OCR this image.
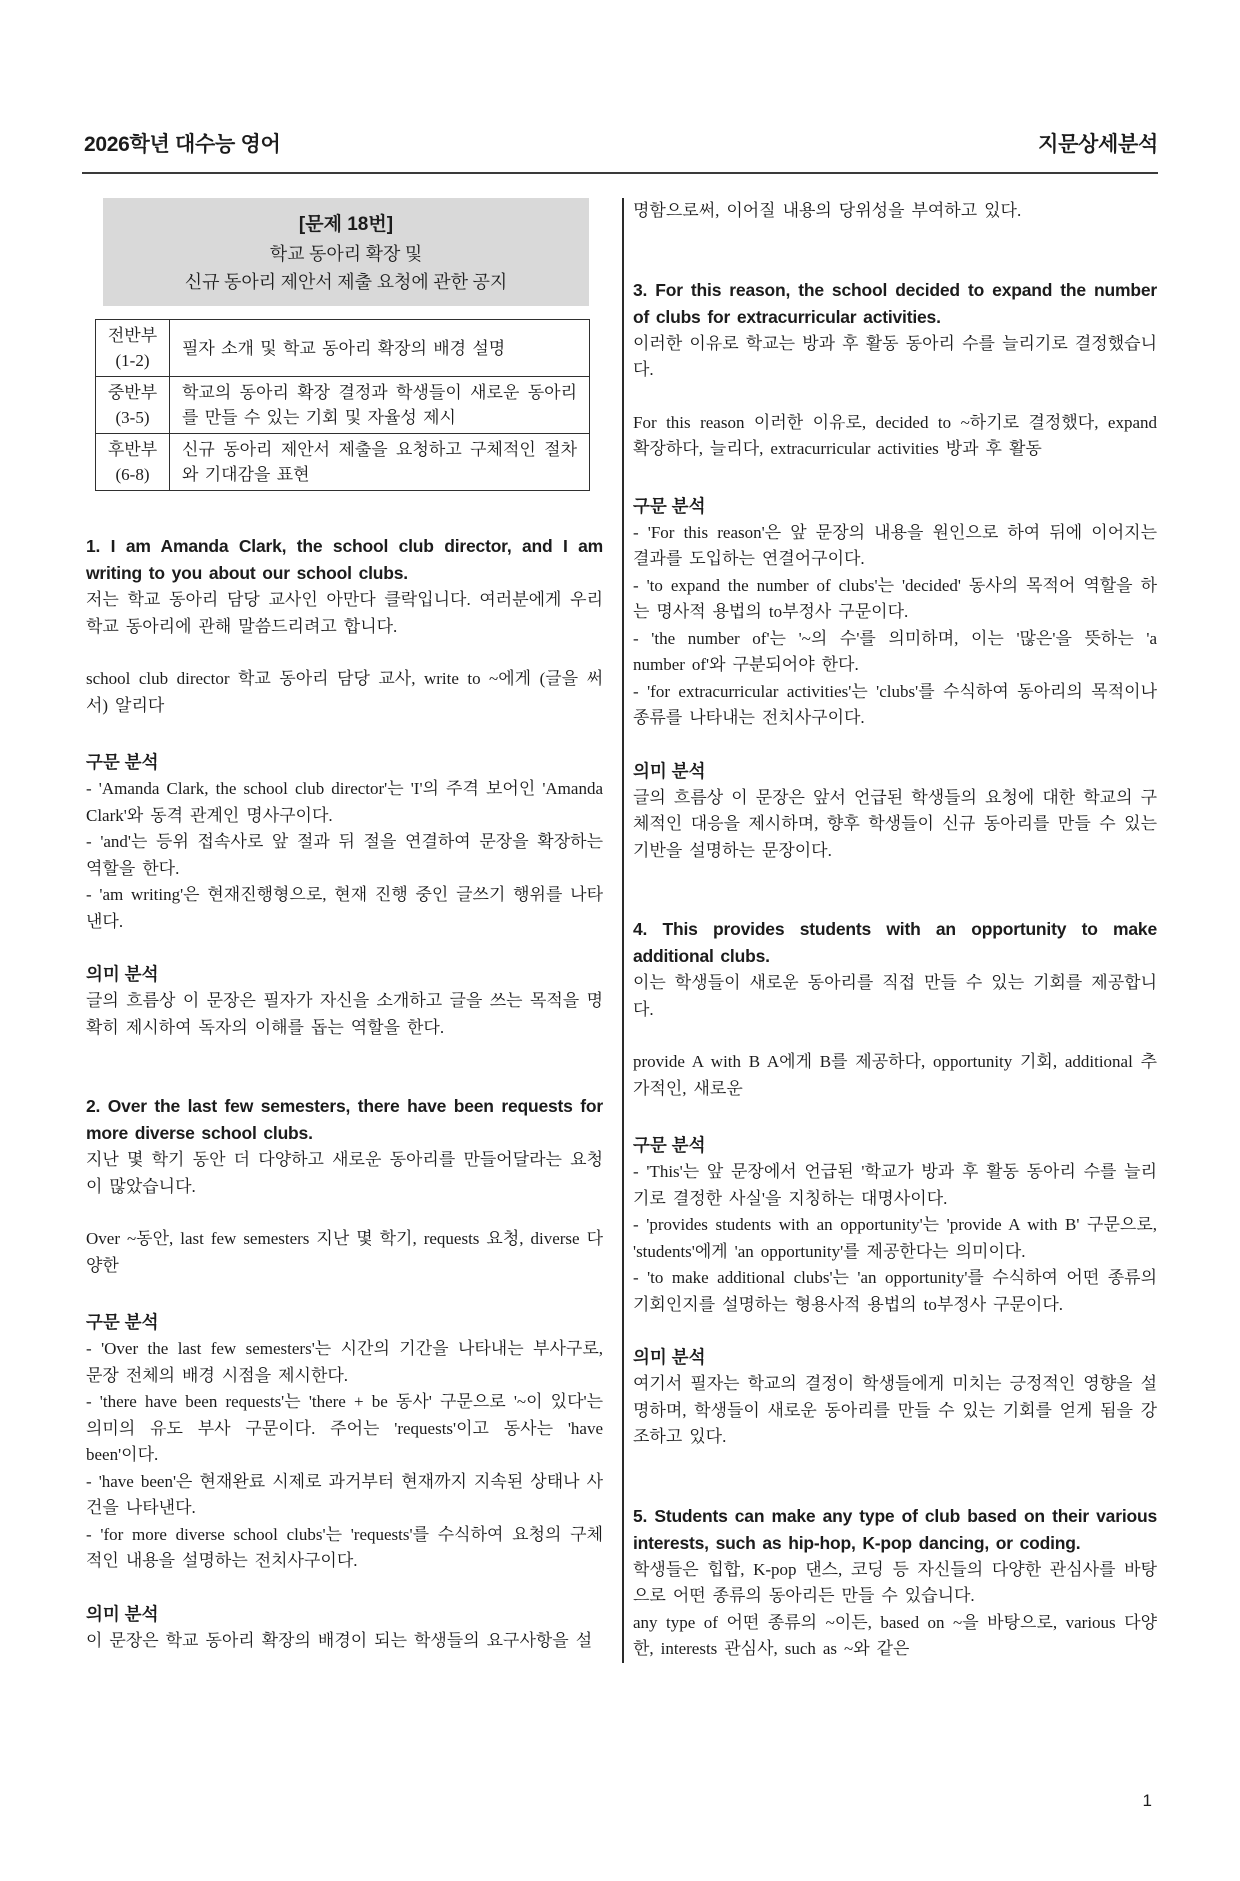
2026학년 대수능 영어	지문상세분석
[문제 18번]
학교 동아리 확장 및
신규 동아리 제안서 제출 요청에 관한 공지
전반부
(1-2)	필자 소개 및 학교 동아리 확장의 배경 설명

중반부
(3-5)	학교의 동아리 확장 결정과 학생들이 새로운 동아리를 만들 수 있는 기회 및 자율성 제시

후반부
(6-8)	신규 동아리 제안서 제출을 요청하고 구체적인 절차와 기대감을 표현

1. I am Amanda Clark, the school club director, and I am writing to you about our school clubs.

저는 학교 동아리 담당 교사인 아만다 클락입니다. 여러분에게 우리 학교 동아리에 관해 말씀드리려고 합니다.

school club director 학교 동아리 담당 교사, write to ~에게 (글을 써서) 알리다

구문 분석

- 'Amanda Clark, the school club director'는 'I'의 주격 보어인 'Amanda Clark'와 동격 관계인 명사구이다.

- 'and'는 등위 접속사로 앞 절과 뒤 절을 연결하여 문장을 확장하는 역할을 한다.

- 'am writing'은 현재진행형으로, 현재 진행 중인 글쓰기 행위를 나타낸다.

의미 분석

글의 흐름상 이 문장은 필자가 자신을 소개하고 글을 쓰는 목적을 명확히 제시하여 독자의 이해를 돕는 역할을 한다.

2. Over the last few semesters, there have been requests for more diverse school clubs.

지난 몇 학기 동안 더 다양하고 새로운 동아리를 만들어달라는 요청이 많았습니다.

Over ~동안, last few semesters 지난 몇 학기, requests 요청, diverse 다양한

구문 분석

- 'Over the last few semesters'는 시간의 기간을 나타내는 부사구로, 문장 전체의 배경 시점을 제시한다.

- 'there have been requests'는 'there + be 동사' 구문으로 '~이 있다'는 의미의 유도 부사 구문이다. 주어는 'requests'이고 동사는 'have been'이다.

- 'have been'은 현재완료 시제로 과거부터 현재까지 지속된 상태나 사건을 나타낸다.

- 'for more diverse school clubs'는 'requests'를 수식하여 요청의 구체적인 내용을 설명하는 전치사구이다.

의미 분석

이 문장은 학교 동아리 확장의 배경이 되는 학생들의 요구사항을 설

명함으로써, 이어질 내용의 당위성을 부여하고 있다.

3. For this reason, the school decided to expand the number of clubs for extracurricular activities.

이러한 이유로 학교는 방과 후 활동 동아리 수를 늘리기로 결정했습니다.

For this reason 이러한 이유로, decided to ~하기로 결정했다, expand 확장하다, 늘리다, extracurricular activities 방과 후 활동

구문 분석

- 'For this reason'은 앞 문장의 내용을 원인으로 하여 뒤에 이어지는 결과를 도입하는 연결어구이다.

- 'to expand the number of clubs'는 'decided' 동사의 목적어 역할을 하는 명사적 용법의 to부정사 구문이다.

- 'the number of'는 '~의 수'를 의미하며, 이는 '많은'을 뜻하는 'a number of'와 구분되어야 한다.

- 'for extracurricular activities'는 'clubs'를 수식하여 동아리의 목적이나 종류를 나타내는 전치사구이다.

의미 분석

글의 흐름상 이 문장은 앞서 언급된 학생들의 요청에 대한 학교의 구체적인 대응을 제시하며, 향후 학생들이 신규 동아리를 만들 수 있는 기반을 설명하는 문장이다.

4. This provides students with an opportunity to make additional clubs.

이는 학생들이 새로운 동아리를 직접 만들 수 있는 기회를 제공합니다.

provide A with B A에게 B를 제공하다, opportunity 기회, additional 추가적인, 새로운

구문 분석

- 'This'는 앞 문장에서 언급된 '학교가 방과 후 활동 동아리 수를 늘리기로 결정한 사실'을 지칭하는 대명사이다.

- 'provides students with an opportunity'는 'provide A with B' 구문으로, 'students'에게 'an opportunity'를 제공한다는 의미이다.

- 'to make additional clubs'는 'an opportunity'를 수식하여 어떤 종류의 기회인지를 설명하는 형용사적 용법의 to부정사 구문이다.

의미 분석

여기서 필자는 학교의 결정이 학생들에게 미치는 긍정적인 영향을 설명하며, 학생들이 새로운 동아리를 만들 수 있는 기회를 얻게 됨을 강조하고 있다.

5. Students can make any type of club based on their various interests, such as hip-hop, K-pop dancing, or coding.

학생들은 힙합, K-pop 댄스, 코딩 등 자신들의 다양한 관심사를 바탕으로 어떤 종류의 동아리든 만들 수 있습니다.

any type of 어떤 종류의 ~이든, based on ~을 바탕으로, various 다양한, interests 관심사, such as ~와 같은

1
